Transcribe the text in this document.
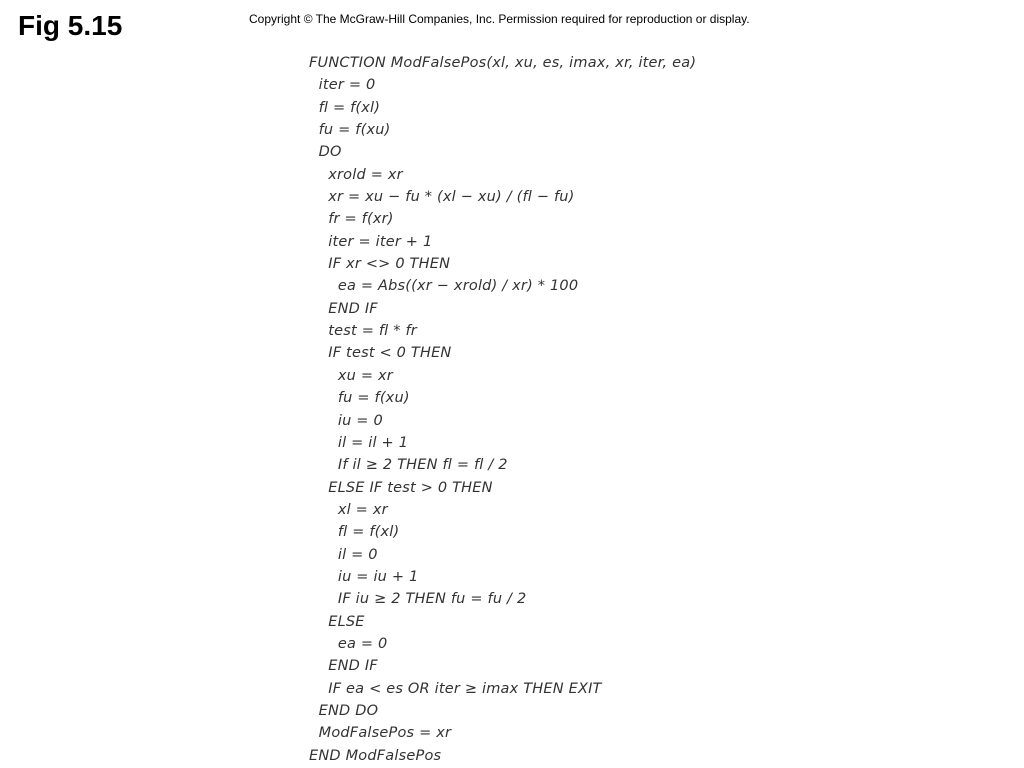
Fig 5.15	Copyright © The McGraw-Hill Companies, Inc. Permission required for reproduction or display.
FUNCTION ModFalsePos(xl, xu, es, imax, xr, iter, ea)
iter = 0
fl = f(xl)
fu = f(xu)
DO
xrold = xr
xr = xu − fu * (xl − xu) / (fl − fu)
fr = f(xr)
iter = iter + 1
IF xr <> 0 THEN
ea = Abs((xr − xrold) / xr) * 100
END IF
test = fl * fr
IF test < 0 THEN
xu = xr
fu = f(xu)
iu = 0
il = il + 1
If il ≥ 2 THEN fl = fl / 2
ELSE IF test > 0 THEN
xl = xr
fl = f(xl)
il = 0
iu = iu + 1
IF iu ≥ 2 THEN fu = fu / 2
ELSE
ea = 0
END IF
IF ea < es OR iter ≥ imax THEN EXIT
END DO
ModFalsePos = xr
END ModFalsePos
